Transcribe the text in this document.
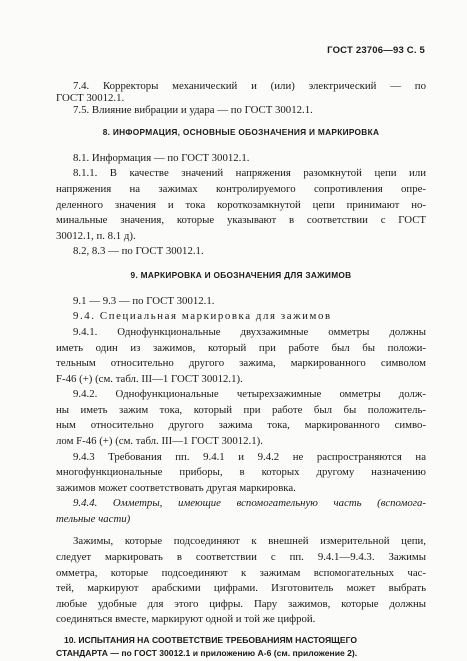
ГОСТ 23706—93 С. 5
7.4. Корректоры механический и (или) электрический — по
ГОСТ 30012.1.
7.5. Влияние вибрации и удара — по ГОСТ 30012.1.
8. ИНФОРМАЦИЯ, ОСНОВНЫЕ ОБОЗНАЧЕНИЯ И МАРКИРОВКА
8.1. Информация — по ГОСТ 30012.1.
8.1.1. В качестве значений напряжения разомкнутой цепи или
напряжения на зажимах контролируемого сопротивления опре-
деленного значения и тока короткозамкнутой цепи принимают но-
минальные значения, которые указывают в соответствии с ГОСТ
30012.1, п. 8.1 д).
8.2, 8.3 — по ГОСТ 30012.1.
9. МАРКИРОВКА И ОБОЗНАЧЕНИЯ ДЛЯ ЗАЖИМОВ
9.1 — 9.3 — по ГОСТ 30012.1.
9.4. Специальная маркировка для зажимов
9.4.1. Однофункциональные двухзажимные омметры должны
иметь один из зажимов, который при работе был бы положи-
тельным относительно другого зажима, маркированного символом
F-46 (+) (см. табл. III—1 ГОСТ 30012.1).
9.4.2. Однофункциональные четырехзажимные омметры долж-
ны иметь зажим тока, который при работе был бы положитель-
ным относительно другого зажима тока, маркированного симво-
лом F-46 (+) (см. табл. III—1 ГОСТ 30012.1).
9.4.3 Требования пп. 9.4.1 и 9.4.2 не распространяются на
многофункциональные приборы, в которых другому назначению
зажимов может соответствовать другая маркировка.
9.4.4. Омметры, имеющие вспомогательную часть (вспомога-
тельные части)
Зажимы, которые подсоединяют к внешней измерительной цепи,
следует маркировать в соответствии с пп. 9.4.1—9.4.3. Зажимы
омметра, которые подсоединяют к зажимам вспомогательных час-
тей, маркируют арабскими цифрами. Изготовитель может выбрать
любые удобные для этого цифры. Пару зажимов, которые должны
соединяться вместе, маркируют одной и той же цифрой.
10. ИСПЫТАНИЯ НА СООТВЕТСТВИЕ ТРЕБОВАНИЯМ НАСТОЯЩЕГО
СТАНДАРТА — по ГОСТ 30012.1 и приложению А-6 (см. приложение 2).
